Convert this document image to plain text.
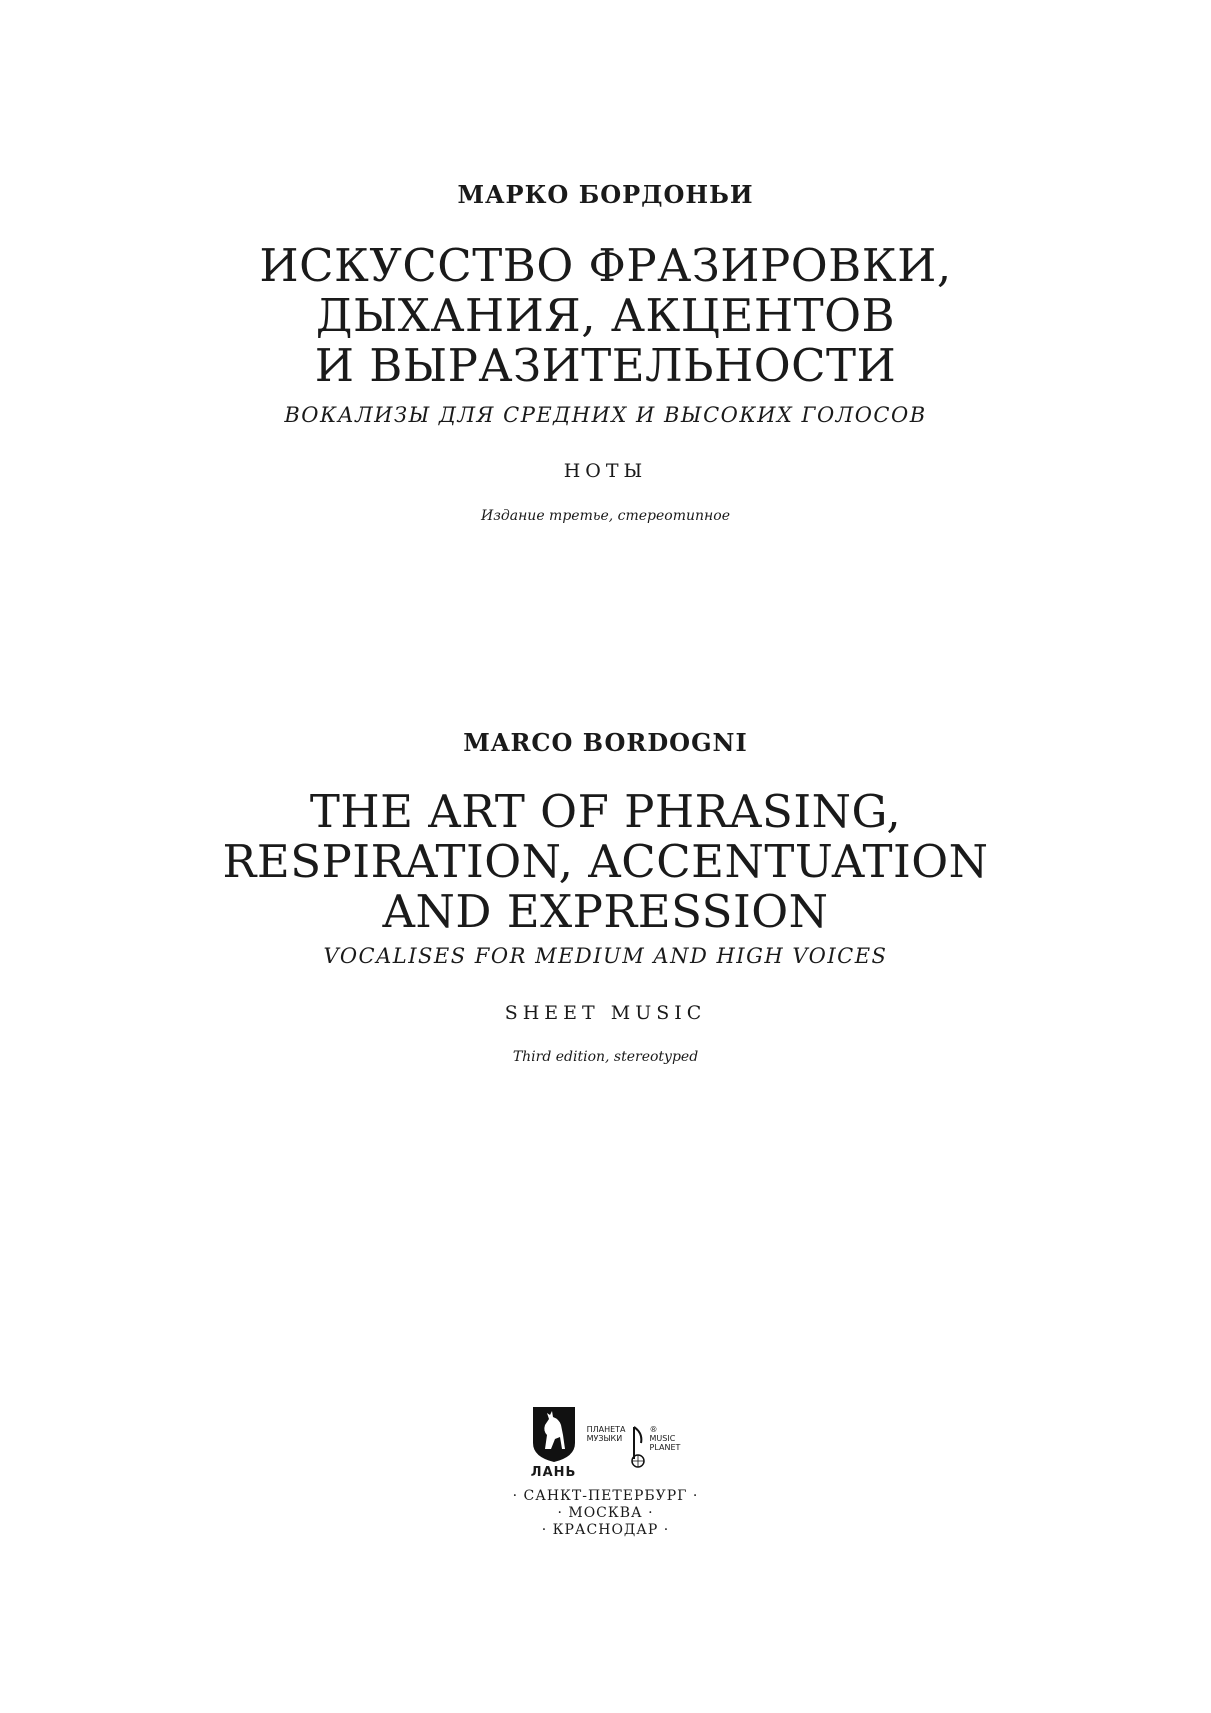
МАРКО БОРДОНЬИ

ИСКУССТВО ФРАЗИРОВКИ,

ДЫХАНИЯ, АКЦЕНТОВ

И ВЫРАЗИТЕЛЬНОСТИ

ВОКАЛИЗЫ ДЛЯ СРЕДНИХ И ВЫСОКИХ ГОЛОСОВ

НОТЫ

Издание третье, стереотипное

MARCO BORDOGNI

THE ART OF PHRASING,

RESPIRATION, ACCENTUATION

AND EXPRESSION

VOCALISES FOR MEDIUM AND HIGH VOICES

SHEET MUSIC

Third edition, stereotyped

ЛАНЬ
ПЛАНЕТА
МУЗЫКИ
®
MUSIC
PLANET
· САНКТ-ПЕТЕРБУРГ ·
· МОСКВА ·
· КРАСНОДАР ·
